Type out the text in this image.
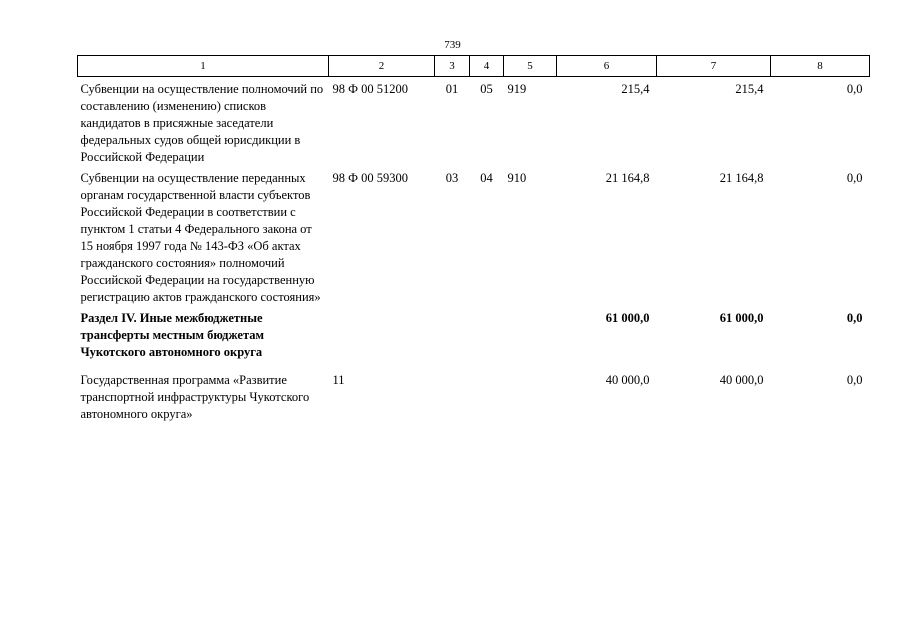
739
1	2	3	4	5	6	7	8
Субвенции на осуществление полномочий по составлению (изменению) списков кандидатов в присяжные заседатели федеральных судов общей юрисдикции в Российской Федерации	98 Ф 00 51200	01	05	919	215,4	215,4	0,0
Субвенции на осуществление переданных органам государственной власти субъектов Российской Федерации в соответствии с пунктом 1 статьи 4 Федерального закона от 15 ноября 1997 года № 143-ФЗ «Об актах гражданского состояния» полномочий Российской Федерации на государственную регистрацию актов гражданского состояния»	98 Ф 00 59300	03	04	910	21 164,8	21 164,8	0,0
Раздел IV. Иные межбюджетные трансферты местным бюджетам Чукотского автономного округа					61 000,0	61 000,0	0,0
Государственная программа «Развитие транспортной инфраструктуры Чукотского автономного округа»	11				40 000,0	40 000,0	0,0
